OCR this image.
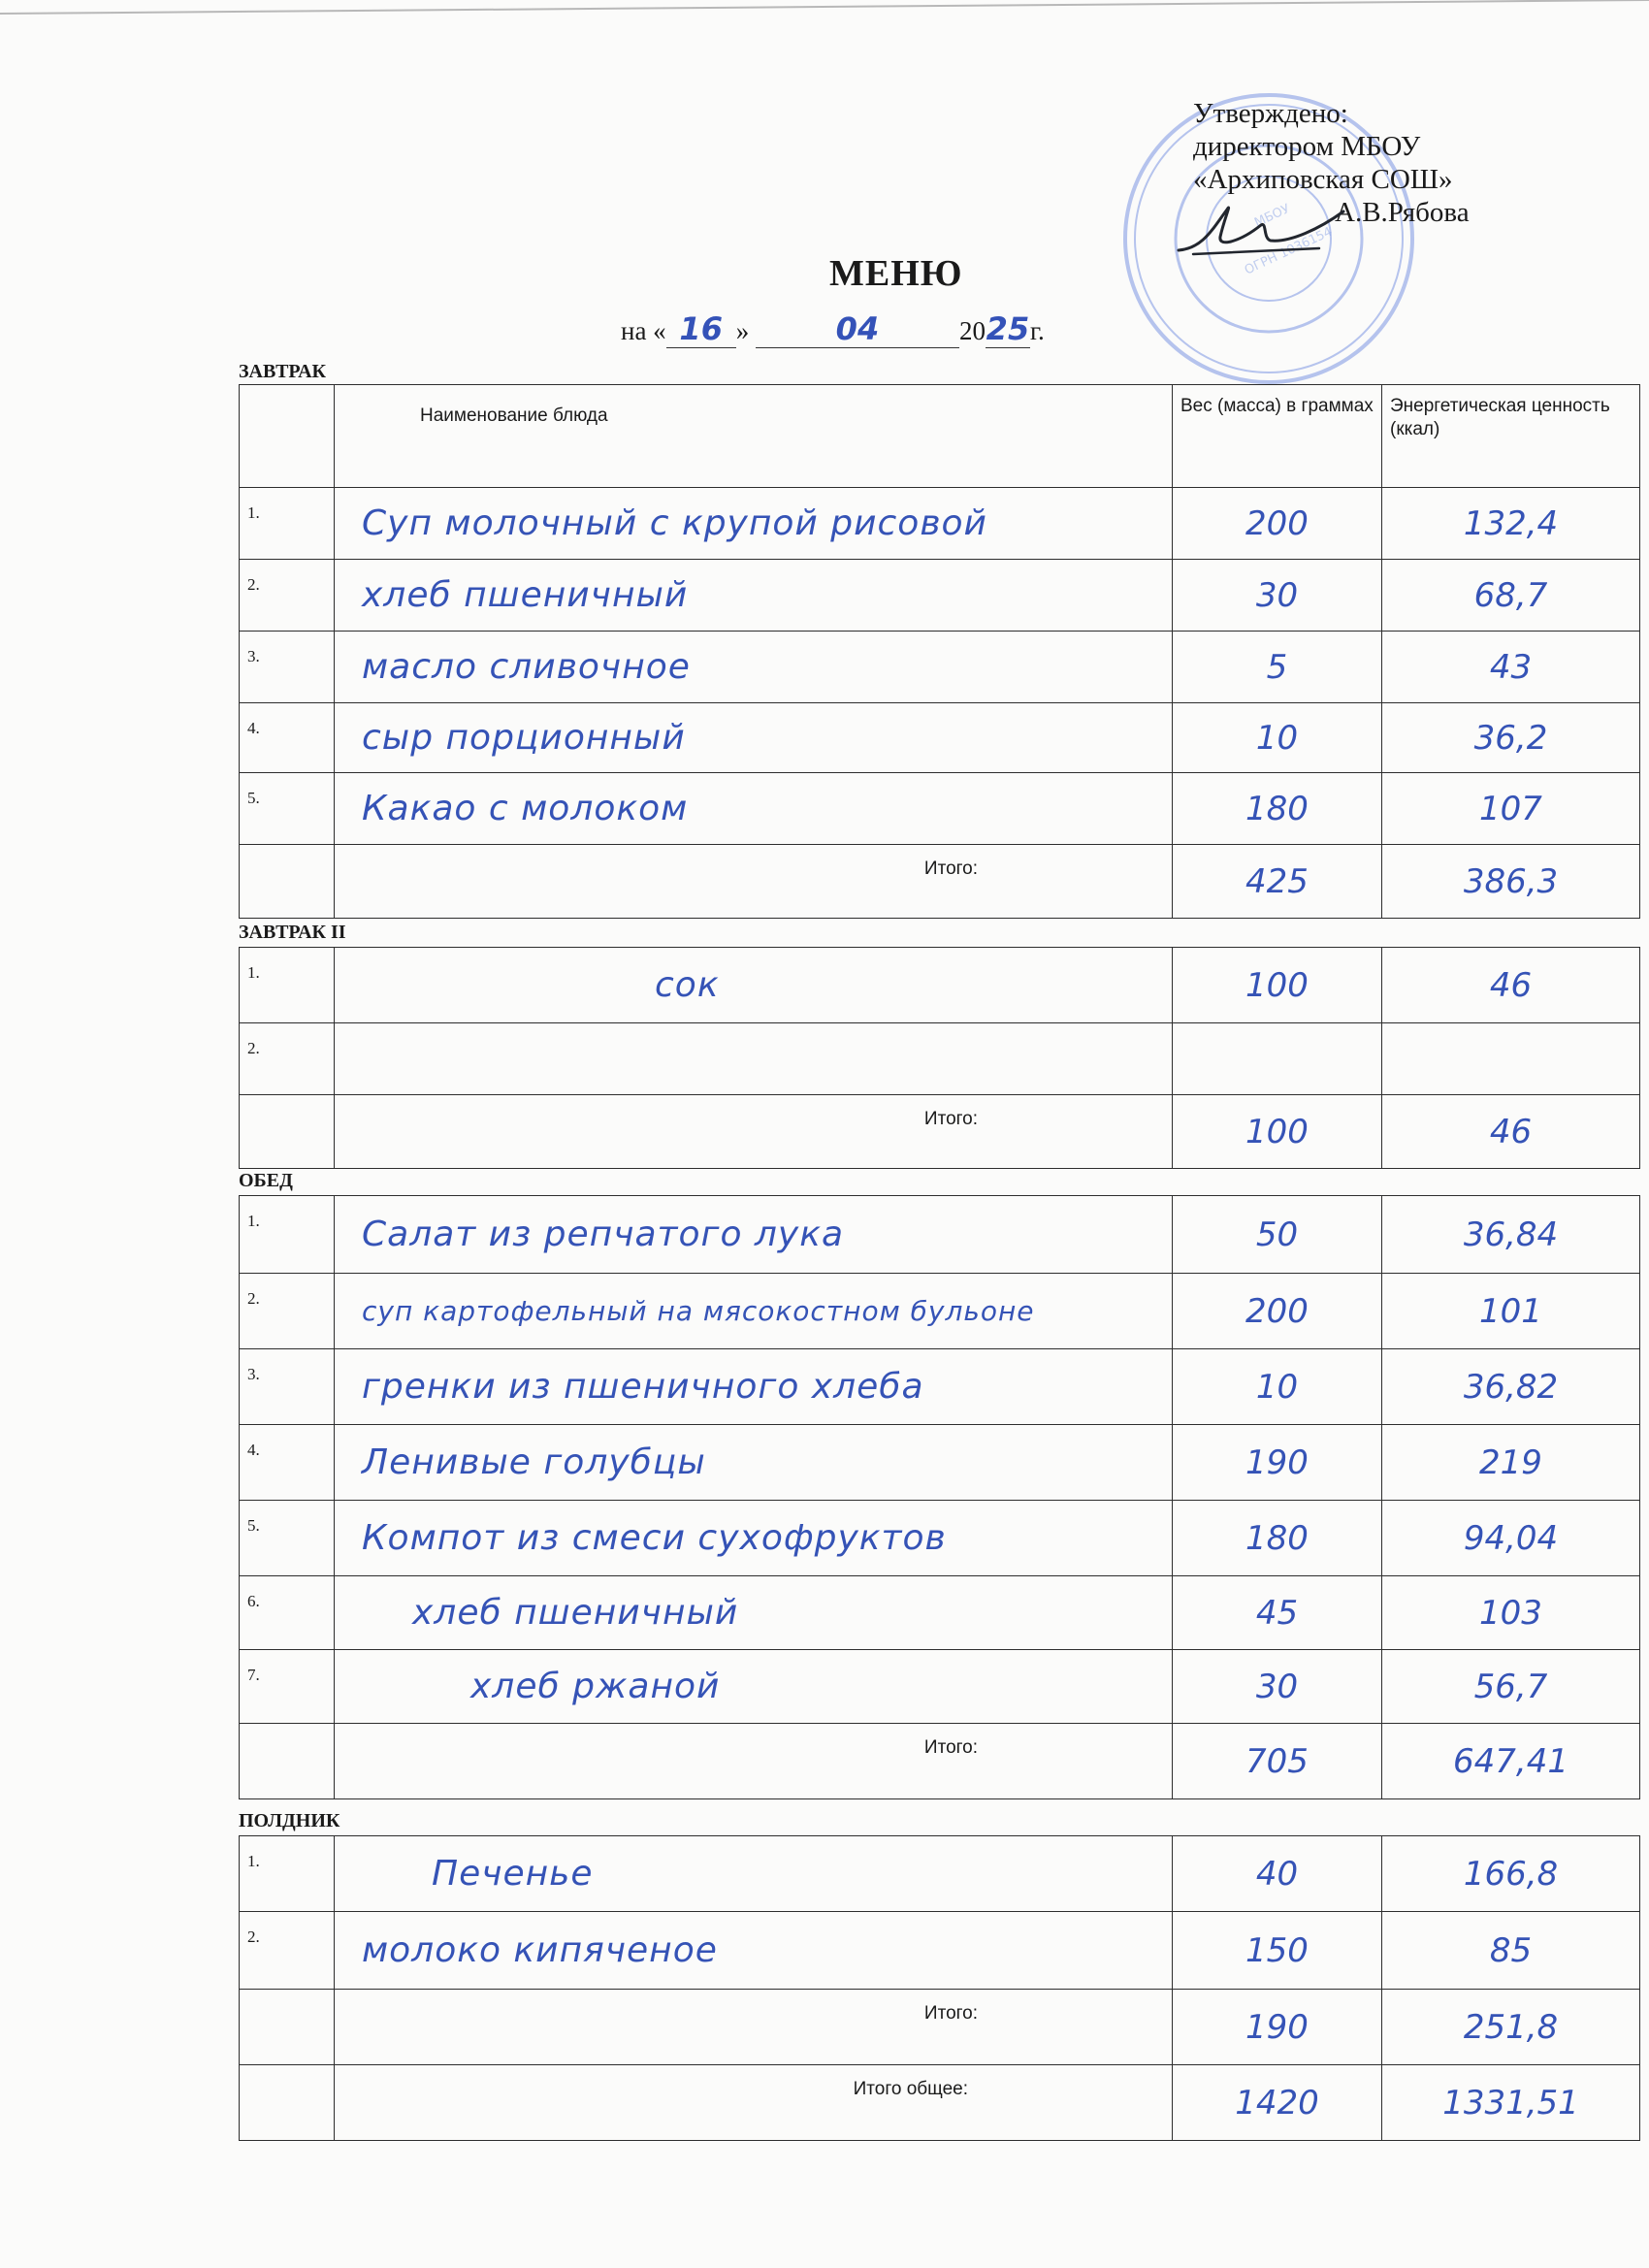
МБОУ
ОГРН 1036154
Утверждено:
директором МБОУ
«Архиповская СОШ»
А.В.Рябова
МЕНЮ
на « 16 »	04	2025г.
ЗАВТРАК
	Наименование блюда	Вес (масса) в граммах	Энергетическая ценность (ккал)
1.	Суп молочный с крупой рисовой	200	132,4
2.	хлеб пшеничный	30	68,7
3.	масло сливочное	5	43
4.	сыр порционный	10	36,2
5.	Какао с молоком	180	107
	Итого:	425	386,3
ЗАВТРАК II
1.	сок	100	46
2.			
	Итого:	100	46
ОБЕД
1.	Салат из репчатого лука	50	36,84
2.	суп картофельный на мясокостном бульоне	200	101
3.	гренки из пшеничного хлеба	10	36,82
4.	Ленивые голубцы	190	219
5.	Компот из смеси сухофруктов	180	94,04
6.	хлеб пшеничный	45	103
7.	хлеб ржаной	30	56,7
	Итого:	705	647,41
ПОЛДНИК
1.	Печенье	40	166,8
2.	молоко кипяченое	150	85
	Итого:	190	251,8
	Итого общее:	1420	1331,51
